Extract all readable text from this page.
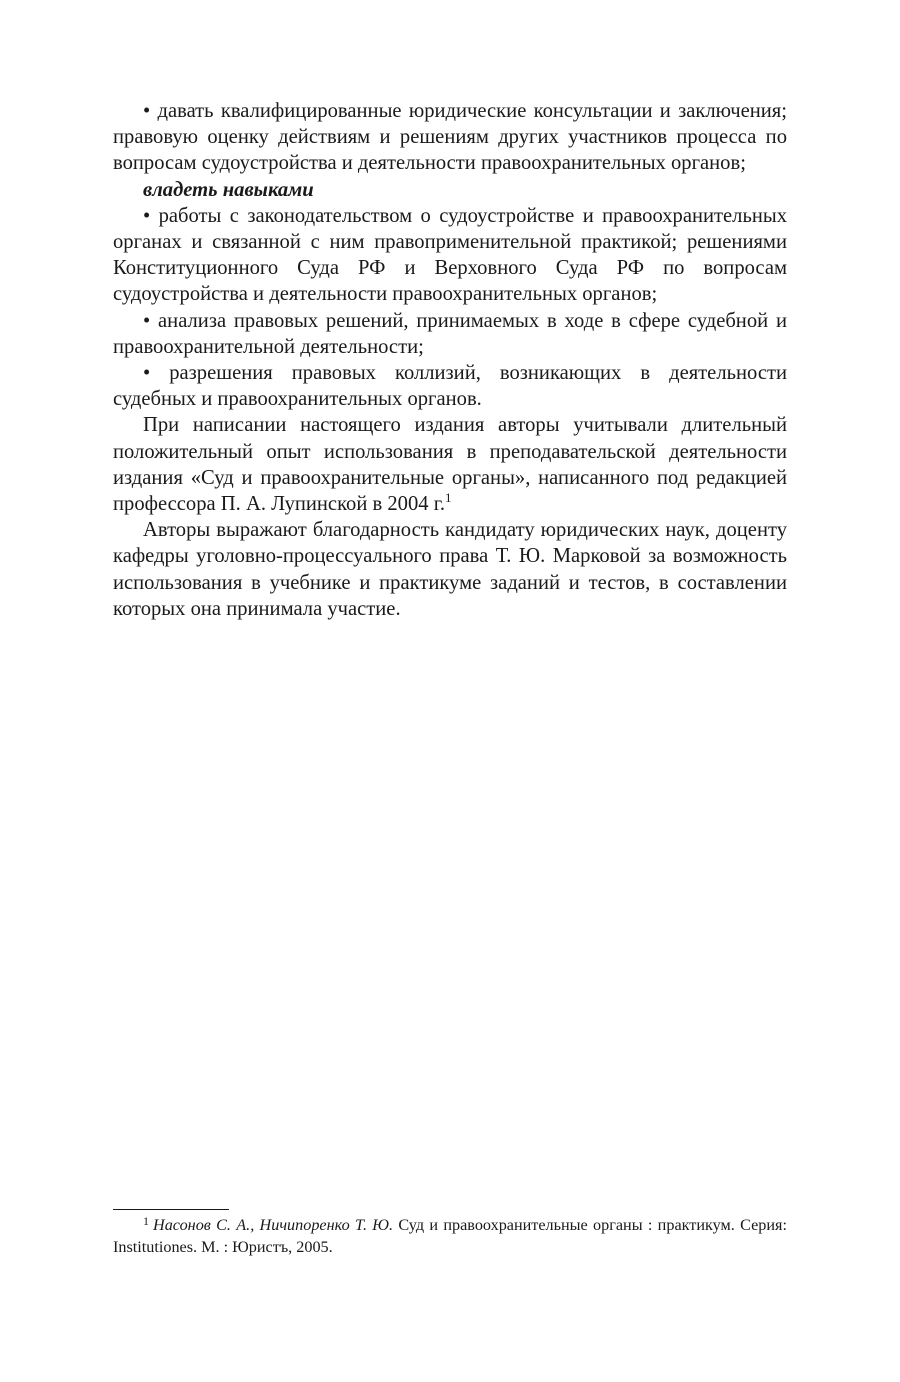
• давать квалифицированные юридические консультации и заключения; правовую оценку действиям и решениям других участников процесса по вопросам судоустройства и деятельности правоохранительных органов;

владеть навыками

• работы с законодательством о судоустройстве и правоохранительных органах и связанной с ним правоприменительной практикой; решениями Конституционного Суда РФ и Верховного Суда РФ по вопросам судоустройства и деятельности правоохранительных органов;

• анализа правовых решений, принимаемых в ходе в сфере судебной и правоохранительной деятельности;

• разрешения правовых коллизий, возникающих в деятельности судебных и правоохранительных органов.

При написании настоящего издания авторы учитывали длительный положительный опыт использования в преподавательской деятельности издания «Суд и правоохранительные органы», написанного под редакцией профессора П. А. Лупинской в 2004 г.$^1$

Авторы выражают благодарность кандидату юридических наук, доценту кафедры уголовно-процессуального права Т. Ю. Марковой за возможность использования в учебнике и практикуме заданий и тестов, в составлении которых она принимала участие.

$^1$ Насонов С. А., Ничипоренко Т. Ю. Суд и правоохранительные органы : практикум. Серия: Institutiones. М. : Юристъ, 2005.
